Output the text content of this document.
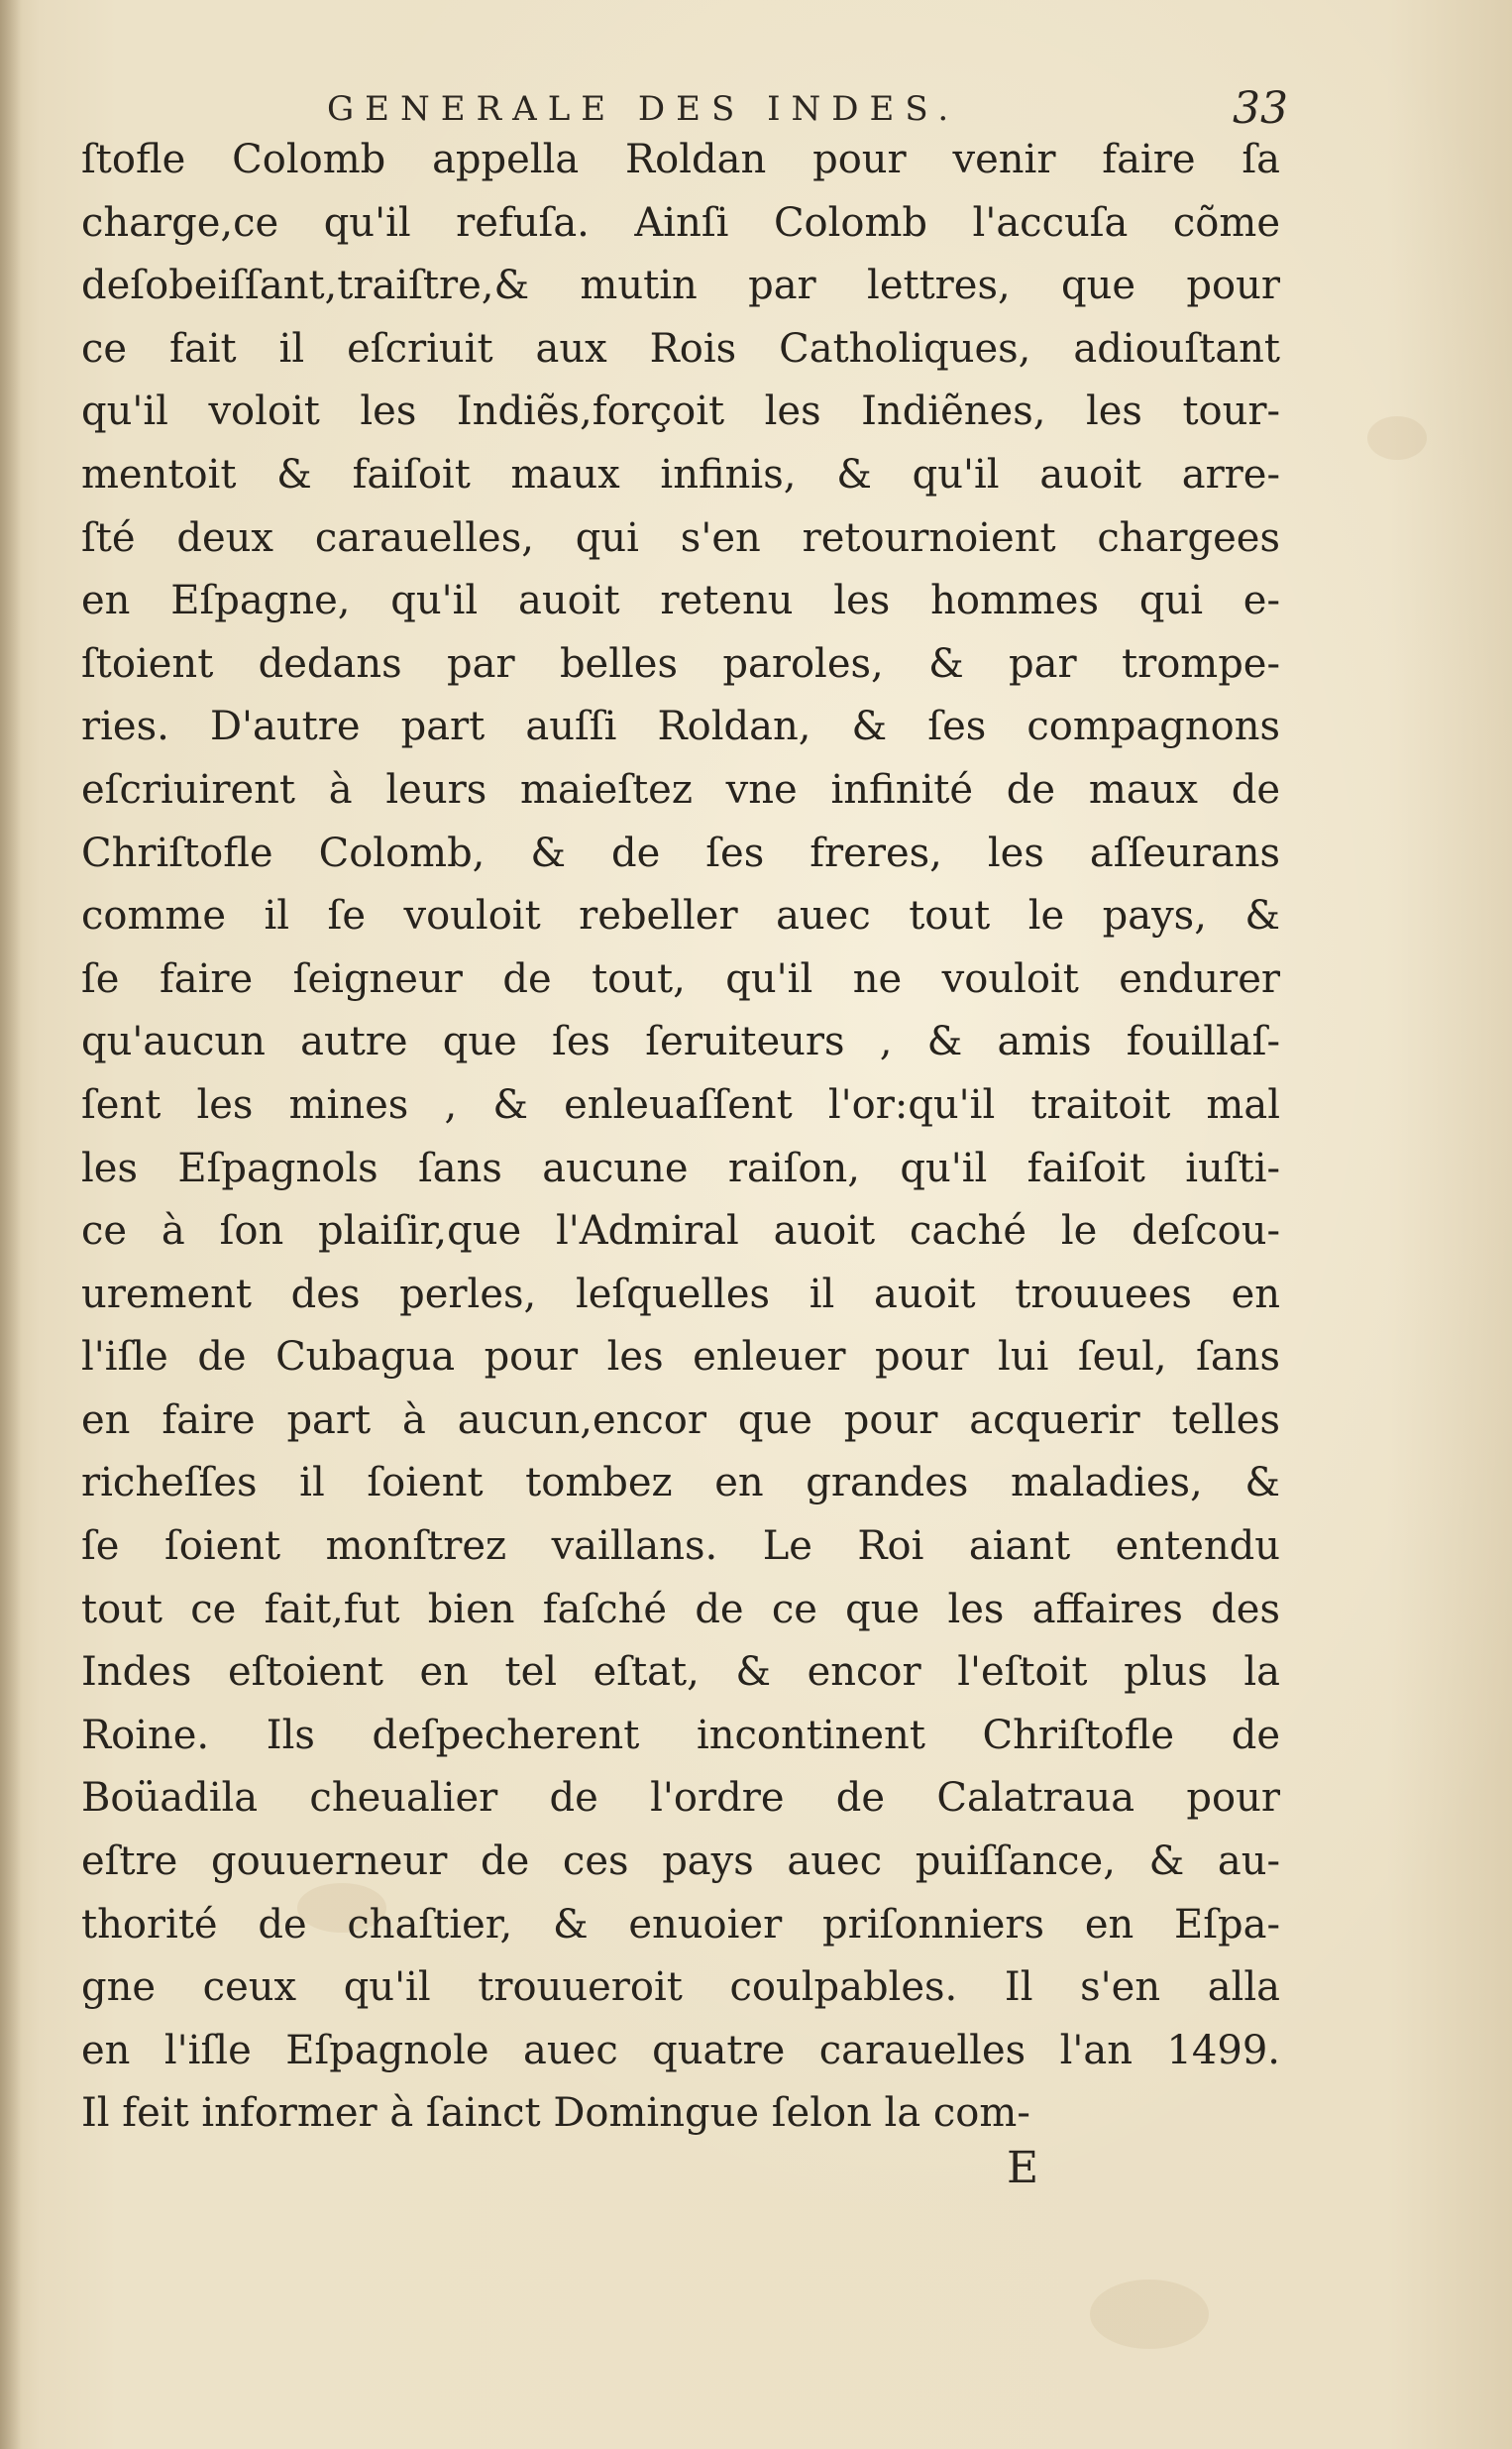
GENERALE DES INDES.	33
ſtofle Colomb appella Roldan pour venir faire ſa
charge,ce qu'il refuſa. Ainſi Colomb l'accuſa cõme
deſobeiſſant,traiſtre,& mutin par lettres, que pour
ce fait il eſcriuit aux Rois Catholiques, adiouſtant
qu'il voloit les Indiẽs,forçoit les Indiẽnes, les tour-
mentoit & faiſoit maux infinis, & qu'il auoit arre-
ſté deux carauelles, qui s'en retournoient chargees
en Eſpagne, qu'il auoit retenu les hommes qui e-
ſtoient dedans par belles paroles, & par trompe-
ries. D'autre part auſſi Roldan, & ſes compagnons
eſcriuirent à leurs maieſtez vne infinité de maux de
Chriſtofle Colomb, & de ſes freres, les aſſeurans
comme il ſe vouloit rebeller auec tout le pays, &
ſe faire ſeigneur de tout, qu'il ne vouloit endurer
qu'aucun autre que ſes ſeruiteurs , & amis fouillaſ-
ſent les mines , & enleuaſſent l'or:qu'il traitoit mal
les Eſpagnols ſans aucune raiſon, qu'il faiſoit iuſti-
ce à ſon plaiſir,que l'Admiral auoit caché le deſcou-
urement des perles, leſquelles il auoit trouuees en
l'iſle de Cubagua pour les enleuer pour lui ſeul, ſans
en faire part à aucun,encor que pour acquerir telles
richeſſes il ſoient tombez en grandes maladies, &
ſe ſoient monſtrez vaillans. Le Roi aiant entendu
tout ce fait,fut bien faſché de ce que les affaires des
Indes eſtoient en tel eſtat, & encor l'eſtoit plus la
Roine. Ils deſpecherent incontinent Chriſtofle de
Boüadila cheualier de l'ordre de Calatraua pour
eſtre gouuerneur de ces pays auec puiſſance, & au-
thorité de chaſtier, & enuoier priſonniers en Eſpa-
gne ceux qu'il trouueroit coulpables. Il s'en alla
en l'iſle Eſpagnole auec quatre carauelles l'an 1499.
Il feit informer à ſainct Domingue ſelon la com-
E
